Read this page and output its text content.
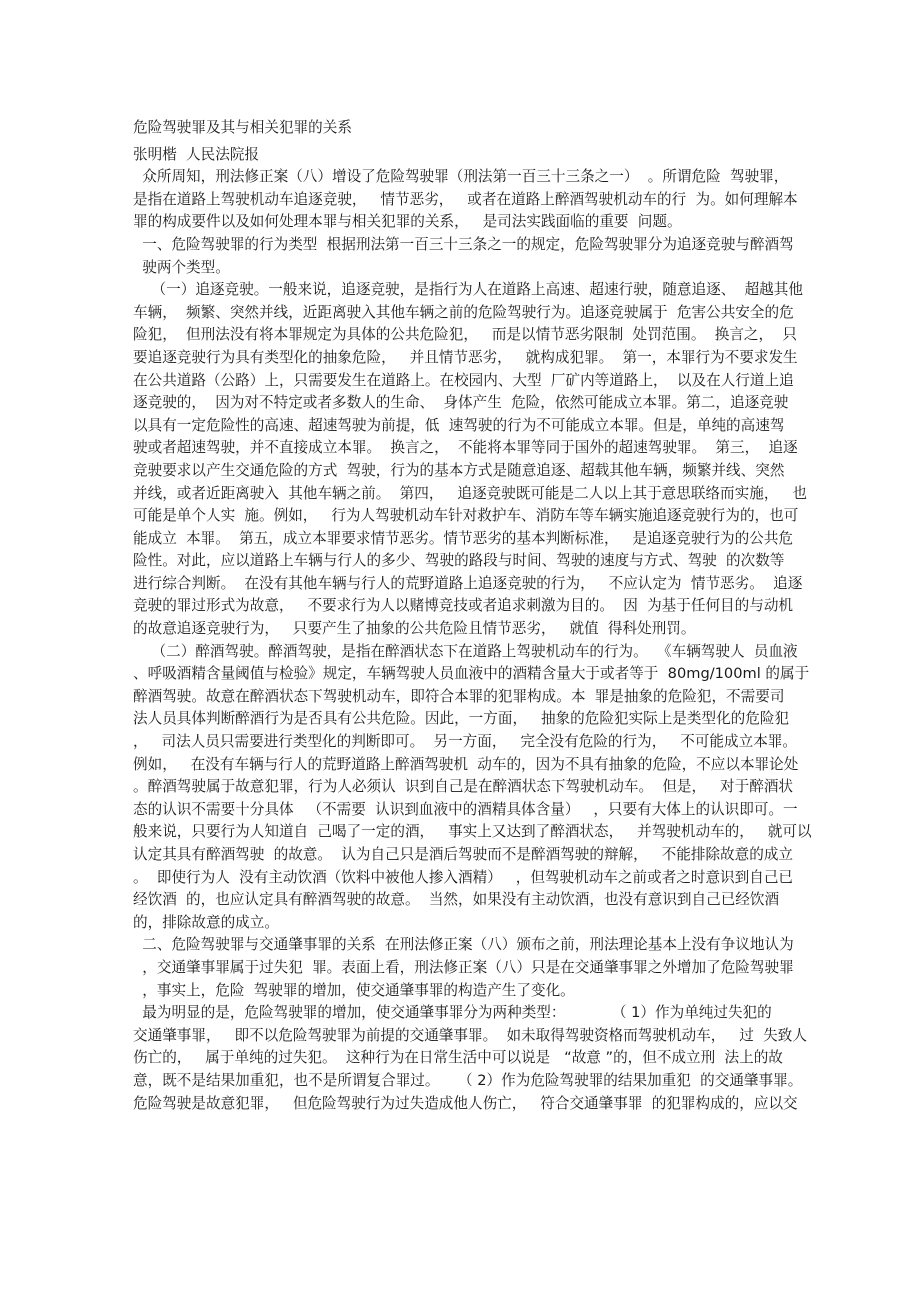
危险驾驶罪及其与相关犯罪的关系
张明楷  人民法院报
众所周知，刑法修正案（八）增设了危险驾驶罪（刑法第一百三十三条之一）  。所谓危险  驾驶罪，
是指在道路上驾驶机动车追逐竞驶，   情节恶劣，   或者在道路上醉酒驾驶机动车的行  为。如何理解本
罪的构成要件以及如何处理本罪与相关犯罪的关系，   是司法实践面临的重要  问题。
一、危险驾驶罪的行为类型  根据刑法第一百三十三条之一的规定，危险驾驶罪分为追逐竞驶与醉酒驾
驶两个类型。
（一）追逐竞驶。一般来说，追逐竞驶，是指行为人在道路上高速、超速行驶，随意追逐、  超越其他
车辆，  频繁、突然并线，近距离驶入其他车辆之前的危险驾驶行为。追逐竞驶属于  危害公共安全的危
险犯，  但刑法没有将本罪规定为具体的公共危险犯，   而是以情节恶劣限制  处罚范围。  换言之，  只
要追逐竞驶行为具有类型化的抽象危险，   并且情节恶劣，   就构成犯罪。  第一，本罪行为不要求发生
在公共道路（公路）上，只需要发生在道路上。在校园内、大型  厂矿内等道路上，  以及在人行道上追
逐竞驶的，  因为对不特定或者多数人的生命、  身体产生  危险，依然可能成立本罪。第二，追逐竞驶
以具有一定危险性的高速、超速驾驶为前提，低  速驾驶的行为不可能成立本罪。但是，单纯的高速驾
驶或者超速驾驶，并不直接成立本罪。  换言之，  不能将本罪等同于国外的超速驾驶罪。  第三，  追逐
竞驶要求以产生交通危险的方式  驾驶，行为的基本方式是随意追逐、超载其他车辆，频繁并线、突然
并线，或者近距离驶入  其他车辆之前。  第四，   追逐竞驶既可能是二人以上其于意思联络而实施，   也
可能是单个人实  施。例如，   行为人驾驶机动车针对救护车、消防车等车辆实施追逐竞驶行为的，也可
能成立  本罪。  第五，成立本罪要求情节恶劣。情节恶劣的基本判断标准，   是追逐竞驶行为的公共危
险性。对此，应以道路上车辆与行人的多少、驾驶的路段与时间、驾驶的速度与方式、驾驶  的次数等
进行综合判断。  在没有其他车辆与行人的荒野道路上追逐竞驶的行为，   不应认定为  情节恶劣。  追逐
竞驶的罪过形式为故意，   不要求行为人以赌博竞技或者追求刺激为目的。  因  为基于任何目的与动机
的故意追逐竞驶行为，   只要产生了抽象的公共危险且情节恶劣，   就值  得科处刑罚。
（二）醉酒驾驶。醉酒驾驶，是指在醉酒状态下在道路上驾驶机动车的行为。  《车辆驾驶人  员血液
、呼吸酒精含量阈值与检验》规定，车辆驾驶人员血液中的酒精含量大于或者等于  80mg/100ml 的属于
醉酒驾驶。故意在醉酒状态下驾驶机动车，即符合本罪的犯罪构成。本  罪是抽象的危险犯，不需要司
法人员具体判断醉酒行为是否具有公共危险。因此，一方面，   抽象的危险犯实际上是类型化的危险犯
，   司法人员只需要进行类型化的判断即可。  另一方面，   完全没有危险的行为，   不可能成立本罪。
例如，   在没有车辆与行人的荒野道路上醉酒驾驶机  动车的，因为不具有抽象的危险，不应以本罪论处
。醉酒驾驶属于故意犯罪，行为人必须认  识到自己是在醉酒状态下驾驶机动车。  但是，   对于醉酒状
态的认识不需要十分具体   （不需要  认识到血液中的酒精具体含量）   ，只要有大体上的认识即可。一
般来说，只要行为人知道自  己喝了一定的酒，   事实上又达到了醉酒状态，   并驾驶机动车的，   就可以
认定其具有醉酒驾驶  的故意。  认为自己只是酒后驾驶而不是醉酒驾驶的辩解，   不能排除故意的成立
。  即使行为人  没有主动饮酒（饮料中被他人掺入酒精）   ，但驾驶机动车之前或者之时意识到自己已
经饮酒  的，也应认定具有醉酒驾驶的故意。  当然，如果没有主动饮酒，也没有意识到自己已经饮酒
的，排除故意的成立。
二、危险驾驶罪与交通肇事罪的关系  在刑法修正案（八）颁布之前，刑法理论基本上没有争议地认为
，交通肇事罪属于过失犯  罪。表面上看，刑法修正案（八）只是在交通肇事罪之外增加了危险驾驶罪
，事实上，危险  驾驶罪的增加，使交通肇事罪的构造产生了变化。
最为明显的是，危险驾驶罪的增加，使交通肇事罪分为两种类型：          （ 1）作为单纯过失犯的
交通肇事罪，   即不以危险驾驶罪为前提的交通肇事罪。  如未取得驾驶资格而驾驶机动车，   过  失致人
伤亡的，   属于单纯的过失犯。  这种行为在日常生活中可以说是   “故意 ”的，但不成立刑  法上的故
意，既不是结果加重犯，也不是所谓复合罪过。    （ 2）作为危险驾驶罪的结果加重犯  的交通肇事罪。
危险驾驶是故意犯罪，   但危险驾驶行为过失造成他人伤亡，   符合交通肇事罪  的犯罪构成的，应以交
